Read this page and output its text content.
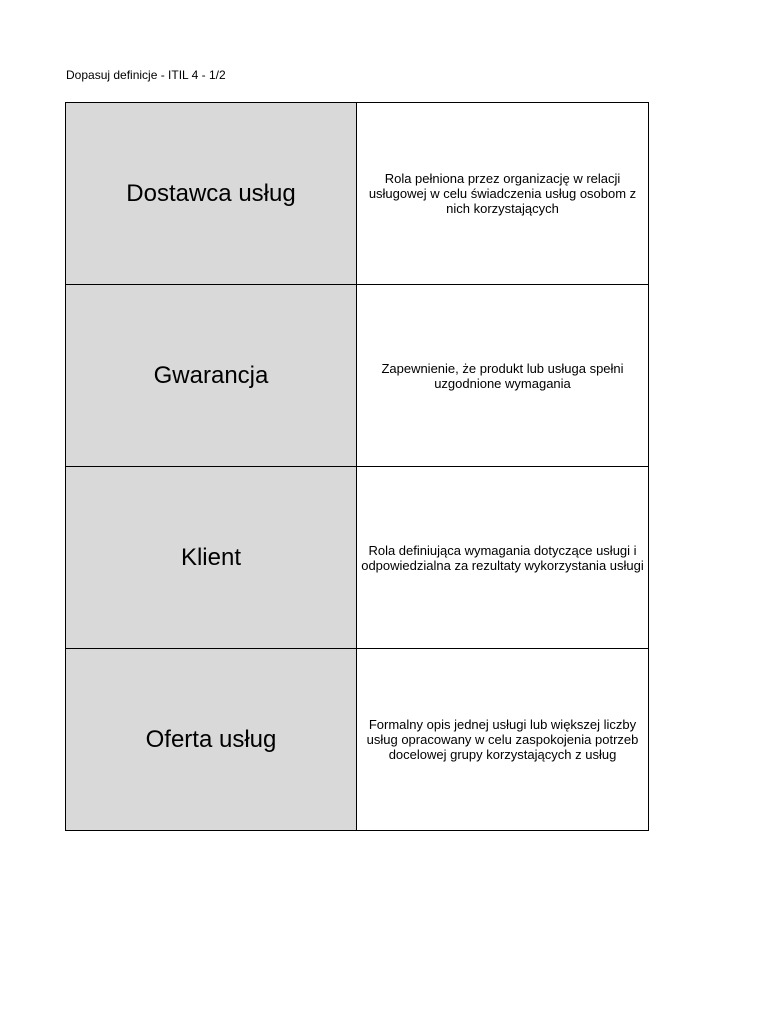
Dopasuj definicje - ITIL 4 - 1/2
Dostawca usług	Rola pełniona przez organizację w relacji usługowej w celu świadczenia usług osobom z nich korzystających

Gwarancja	Zapewnienie, że produkt lub usługa spełni uzgodnione wymagania

Klient	Rola definiująca wymagania dotyczące usługi i odpowiedzialna za rezultaty wykorzystania usługi

Oferta usług	Formalny opis jednej usługi lub większej liczby usług opracowany w celu zaspokojenia potrzeb docelowej grupy korzystających z usług
